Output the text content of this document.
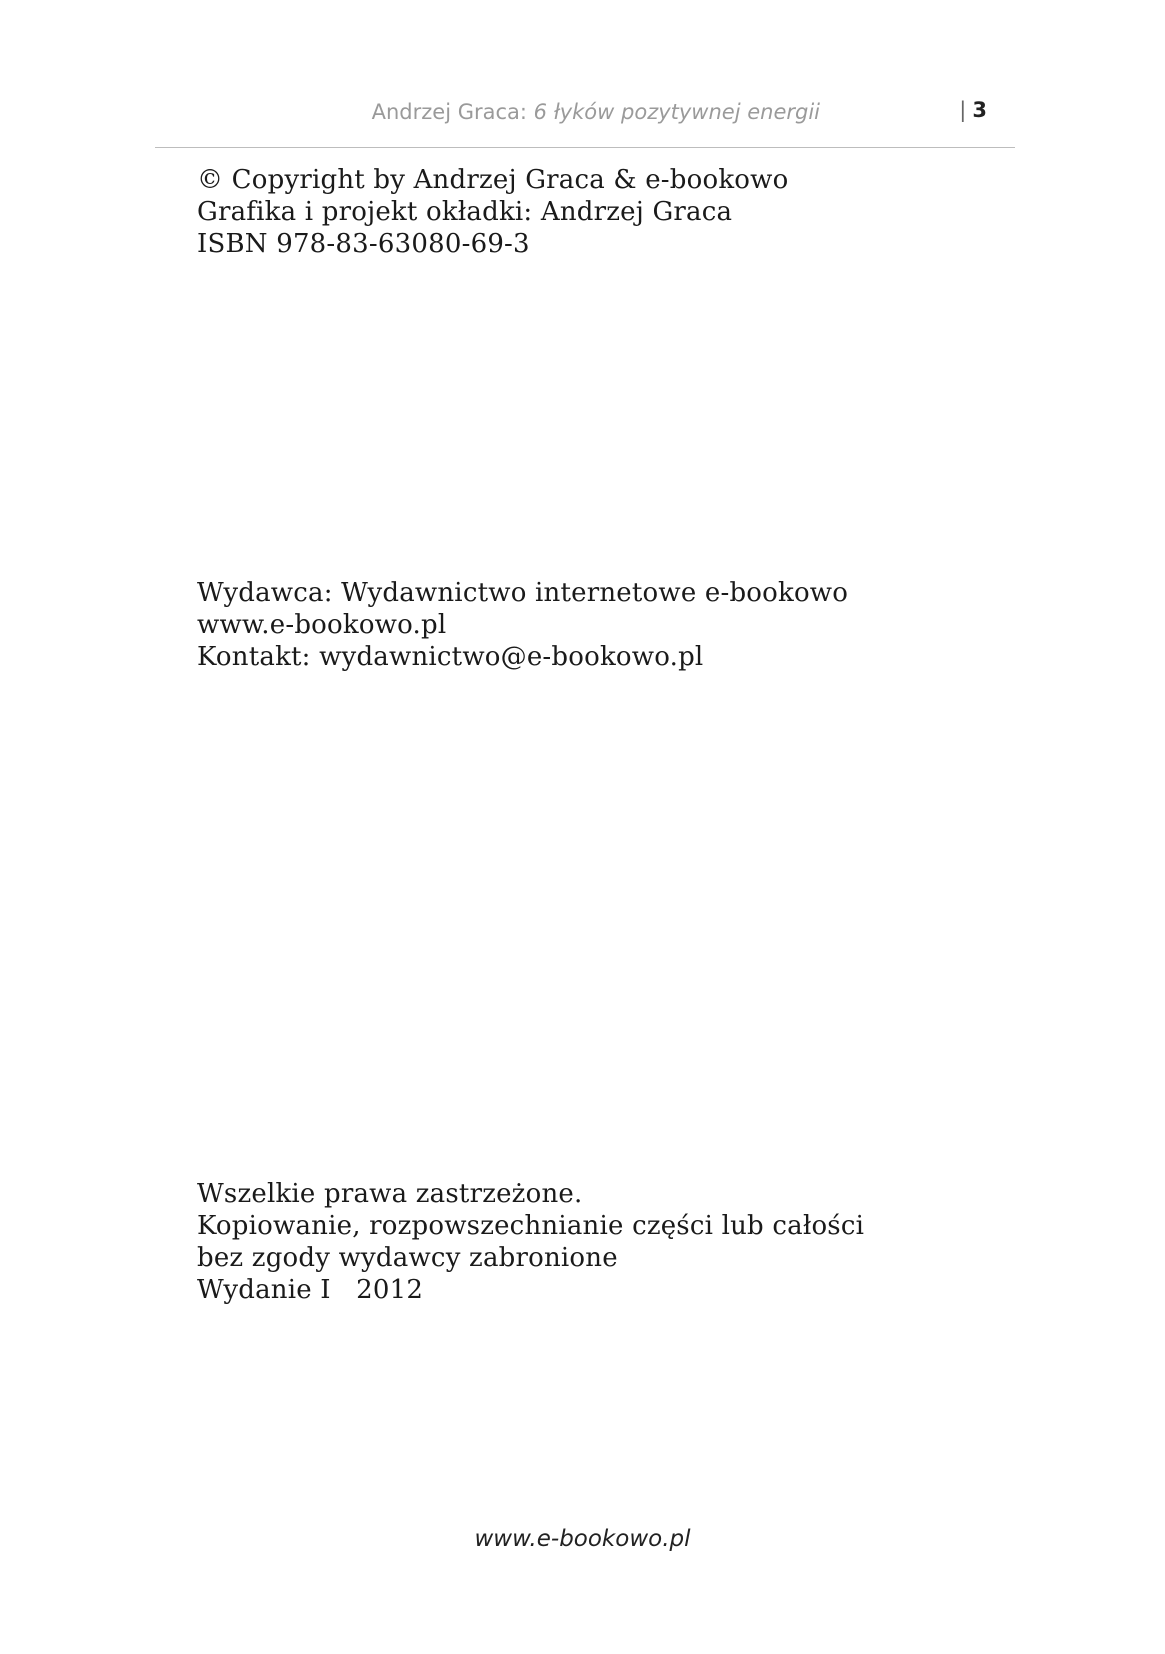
Andrzej Graca: 6 łyków pozytywnej energii	| 3
© Copyright by Andrzej Graca & e-bookowo
Grafika i projekt okładki: Andrzej Graca
ISBN 978-83-63080-69-3
Wydawca: Wydawnictwo internetowe e-bookowo
www.e-bookowo.pl
Kontakt: wydawnictwo@e-bookowo.pl
Wszelkie prawa zastrzeżone.
Kopiowanie, rozpowszechnianie części lub całości
bez zgody wydawcy zabronione
Wydanie I   2012
www.e-bookowo.pl
